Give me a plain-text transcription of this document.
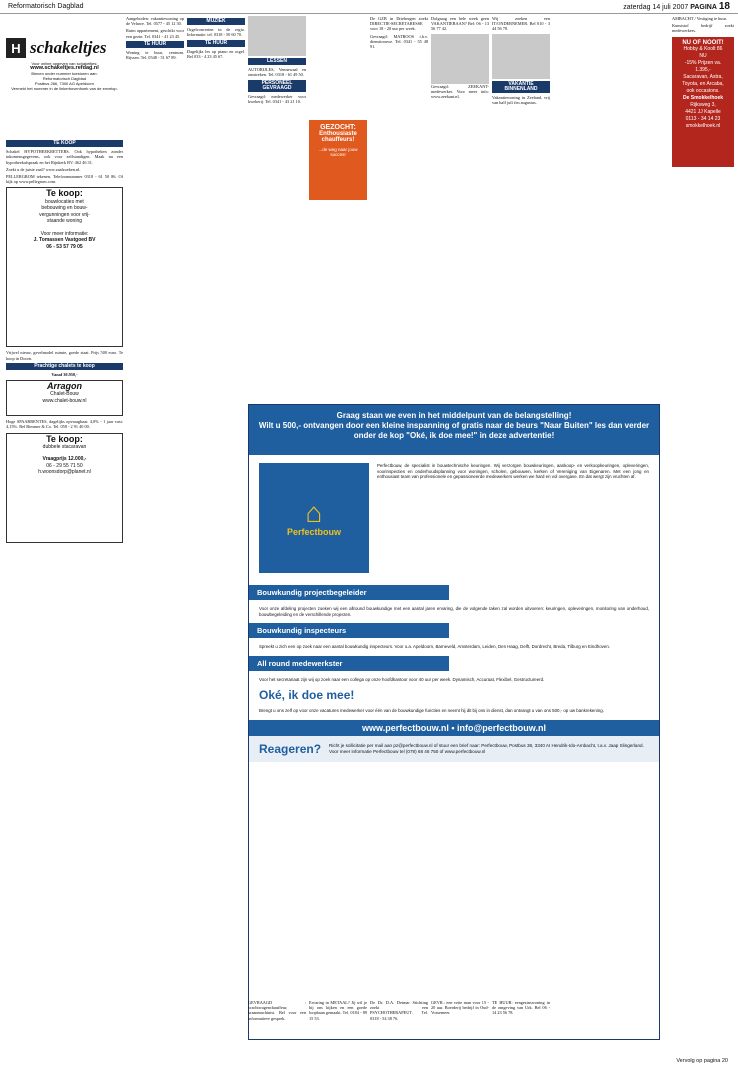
Reformatorisch Dagblad	zaterdag 14 juli 2007 PAGINA 18
H schakeltjes
Voor online opgeven van schakeltjes:
www.schakeltjes.refdag.nl
Binnen onder nummer toesturen aan:
Reformatorisch Dagblad
Postbus 266, 7300 AG Apeldoorn
Vermeld het nummer in de linkerbovenhoek van de envelop.
TE KOOP

Schakel HYPOTHEEKRETTERS. Ook hypotheken zonder inkomensgegevens, ook voor zelfstandigen. Maak nu een hypotheekafspraak en het Rijnkerk BV. 462 46 31.

Zoekt u de juiste zaal? www.zaalzoeken.nl.

PELLERGROM tekenen. Telefoonnummer 0318 - 61 50 86. Of kijk op www.pellegrom.com.

Te koop:
bouwlocaties met
bebouwing en bouw-
vergunningen voor vrij-
staande woning
Voor meer informatie:
J. Tomassen Vastgoed BV
06 - 53 57 79 05

Vrijwel nieuw, gevelmodel ruimte, goede staat. Prijs 500 euro. Te koop in Doorn.

Prachtige chalets te koop

Vanaf 30.950,-

Arragon
Chalet-Bouw
www.chalet-bouw.nl

Hoge SPAARRENTES, dagelijks opvraagbaar. 4,0% - 1 jaar vast: 4,15%. Bel Bimmer & Co. Tel. 058 - 2 91 40 00.

Te koop:
dubbele stacaravan
Vraagprijs 12.000,-
06 - 29 55 71 50
h.woonsdorp@planet.nl

Aangeboden: vakantiewoning op de Veluwe. Tel. 0577 - 45 12 30.

Ruim appartement, geschikt voor een gezin. Tel. 0341 - 41 23 45.

TE HUUR

Woning te huur, centrum. Rijssen. Tel. 0548 - 51 67 89.

MUZIEK

Orgelconcerten in de regio. Informatie: tel. 0318 - 50 60 70.

TE HUUR

Dagelijks les op piano en orgel. Bel 033 - 4 23 45 67.

LESSEN

AUTORIJLES, Vennewaal en omstreken. Tel. 0318 - 61 49 50.

PERSONEEL GEVRAAGD

Gevraagd: medewerker voor kwekerij. Tel. 0341 - 43 21 10.

GEZOCHT:
Enthousiaste
chauffeurs!
...de weg naar jouw succes!

De GZB in Driebergen zoekt DIRECTIE-SECRETARESSE voor 18 - 20 uur per week.

Gevraagd: MATROOS i.b.v. diensttrouwe. Tel. 0341 - 55 48 91.

Dolgraag een hele week geen VAKANTIEBAAN? Bel: 06 - 13 56 77 42.

Gevraagd: ZEEKANT-medewerker. Voor meer info: www.zeekant.nl.

Wij zoeken een IT/ONDERNEMER. Bel 010 - 3 44 56 78.

VAKANTIE BINNENLAND

Vakantiewoning in Zeeland, vrij van half juli t/m augustus.

AMBACHT / Vestiging te huur.

Kunststof bedrijf zoekt medewerkers.

NU OF NOOIT!
Hobby & Koolt 86
NU
-15% Prijzen va.
1.395,-
Sacaravan, Astra,
Toyota, en Arcaba,
ook occasions.
De Smokkelhoek
Rijksweg 3,
4421 JJ Kapelle
0113 - 34 14 23
smokkelhoek.nl
Vervolg op pagina 20
Graag staan we even in het middelpunt van de belangstelling!
Wilt u 500,- ontvangen door een kleine inspanning of gratis naar de beurs "Naar Buiten" les dan verder onder de kop "Oké, ik doe mee!" in deze advertentie!
⌂
Perfectbouw
Perfectbouw, de specialist in bouwtechnische keuringen. Wij verzorgen bouwkeuringen, aankoop- en verkoopkeuringen, opleveringen, voorinspecties en onderhoudsplanning voor woningen, scholen, gebouwen, kerken of Vereniging van Eigenaren. Met een jong en enthousiast team van professionele en gepassioneerde medewerkers werken we hard en vol overgave. En dat wergt zijn vruchten af.
Bouwkundig projectbegeleider
Voor onze afdeling projecten zoeken wij een allround bouwkundige met een aantal jaren ervaring, die de volgende taken zal worden uitvoeren: keuringen, opleveringen, monitoring van onderhoud, bouwbegeleiding en de verschillende projecten.
Bouwkundig inspecteurs
Spreekt u zich een op zoek naar een aantal bouwkundig inspecteurs. Voor o.a. Apeldoorn, Barneveld, Amsterdam, Leiden, Den Haag, Delft, Dordrecht, Breda, Tilburg en Eindhoven.
All round medewerkster
Voor het secretariaat zijn wij op zoek naar een collega op onze hoofdkantoor voor 40 uur per week. Dynamisch, Accuraat, Flexibel, Gestructureerd.
Oké, ik doe mee!
Brengt u ons zelf op voor onze vacatures medewerker voor één van de bouwkundige functies en neemt hij dit bij ons in dienst, dan ontvangt u van ons 500,- op uw bankrekening.
www.perfectbouw.nl • info@perfectbouw.nl
Reageren? Richt je sollicitatie per mail aan pz@perfectbouw.nl of stuur een brief naar: Perfectbouw, Postbus 38, 3340 AI Hendrik-Ido-Ambacht, t.a.v. Jaap Slingerland. Voor meer informatie Perfectbouw tel (078) 68 46 750 of www.perfectbouw.nl

GEVRAAGD : vrachtwagenchauffeur, kraanmachinist. Bel voor een informatieve gesprek.

Ervaring in METAAL? Jij wil je bij ons kijken en een goede loopbaan gemaakt. Tel. 0184 - 89 15 53.

De Dr. D.A. Detmar Stichting zoekt een PSYCHOTHERAPEUT. Tel. 0318 - 54 38 76.

GEVR.: een vette man voor 15 - 20 uur. Boerderij bedrijf in Oud-Vossemeer.

TE HUUR: eengezinswoning in de omgeving van Urk. Bel 06 - 14 23 56 78.
